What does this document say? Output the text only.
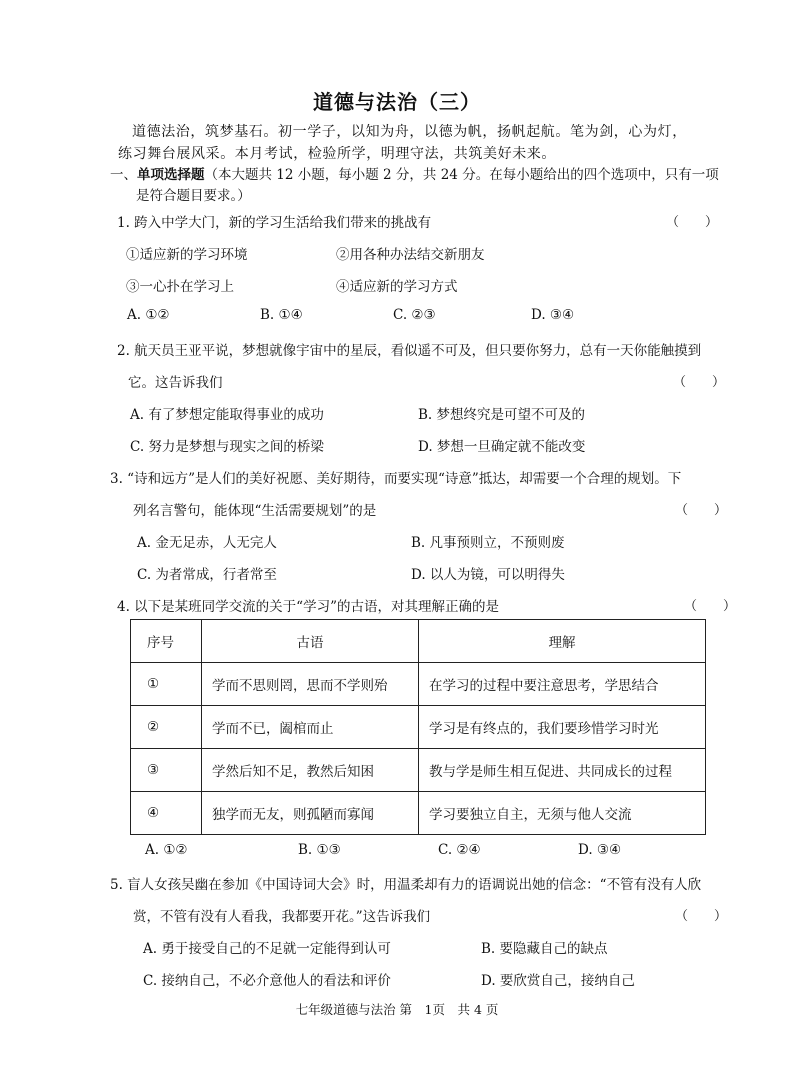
道德与法治（三）
道德法治，筑梦基石。初一学子，以知为舟，以德为帆，扬帆起航。笔为剑，心为灯，
练习舞台展风采。本月考试，检验所学，明理守法，共筑美好未来。
一、单项选择题（本大题共 12 小题，每小题 2 分，共 24 分。在每小题给出的四个选项中，只有一项
是符合题目要求。）
1. 跨入中学大门，新的学习生活给我们带来的挑战有	（　　）
①适应新的学习环境	②用各种办法结交新朋友
③一心扑在学习上	④适应新的学习方式
A. ①②	B. ①④	C. ②③	D. ③④
2. 航天员王亚平说，梦想就像宇宙中的星辰，看似遥不可及，但只要你努力，总有一天你能触摸到
它。这告诉我们	（　　）
A. 有了梦想定能取得事业的成功	B. 梦想终究是可望不可及的
C. 努力是梦想与现实之间的桥梁	D. 梦想一旦确定就不能改变
3. “诗和远方”是人们的美好祝愿、美好期待，而要实现“诗意”抵达，却需要一个合理的规划。下
列名言警句，能体现“生活需要规划”的是	（　　）
A. 金无足赤，人无完人	B. 凡事预则立，不预则废
C. 为者常成，行者常至	D. 以人为镜，可以明得失
4. 以下是某班同学交流的关于“学习”的古语，对其理解正确的是	（　　）
序号	古语	理解
①	学而不思则罔，思而不学则殆	在学习的过程中要注意思考，学思结合
②	学而不已，阖棺而止	学习是有终点的，我们要珍惜学习时光
③	学然后知不足，教然后知困	教与学是师生相互促进、共同成长的过程
④	独学而无友，则孤陋而寡闻	学习要独立自主，无须与他人交流
A. ①②	B. ①③	C. ②④	D. ③④
5. 盲人女孩吴幽在参加《中国诗词大会》时，用温柔却有力的语调说出她的信念：“不管有没有人欣
赏，不管有没有人看我，我都要开花。”这告诉我们	（　　）
A. 勇于接受自己的不足就一定能得到认可	B. 要隐藏自己的缺点
C. 接纳自己，不必介意他人的看法和评价	D. 要欣赏自己，接纳自己
七年级道德与法治 第　1页　共 4 页
